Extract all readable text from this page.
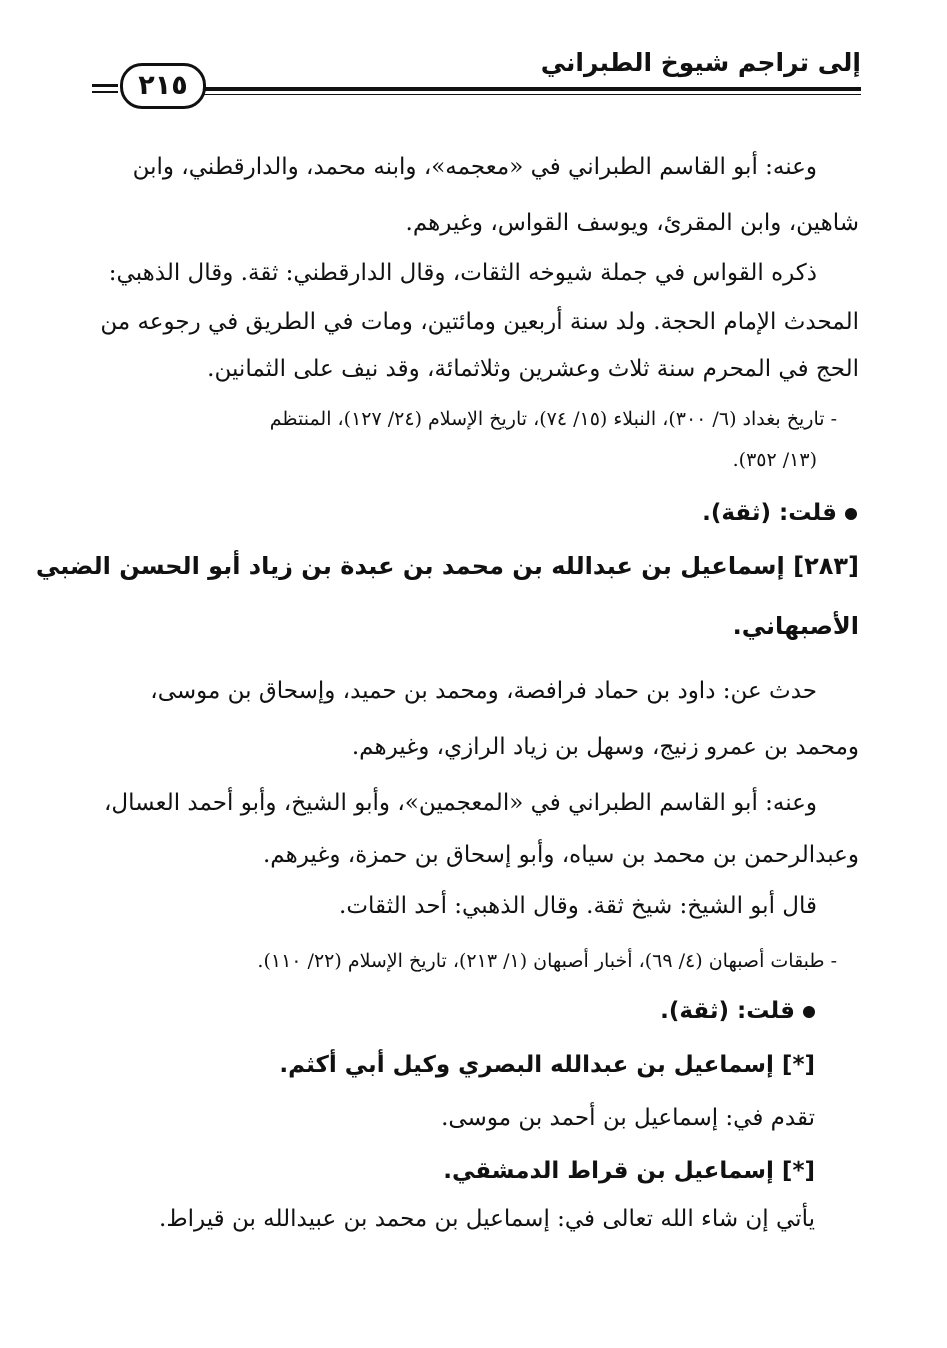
إلى تراجم شيوخ الطبراني
٢١٥
وعنه: أبو القاسم الطبراني في «معجمه»، وابنه محمد، والدارقطني، وابن
شاهين، وابن المقرئ، ويوسف القواس، وغيرهم.
ذكره القواس في جملة شيوخه الثقات، وقال الدارقطني: ثقة. وقال الذهبي:
المحدث الإمام الحجة. ولد سنة أربعين ومائتين، ومات في الطريق في رجوعه من
الحج في المحرم سنة ثلاث وعشرين وثلاثمائة، وقد نيف على الثمانين.
- تاريخ بغداد (٦/ ٣٠٠)، النبلاء (١٥/ ٧٤)، تاريخ الإسلام (٢٤/ ١٢٧)، المنتظم
(١٣/ ٣٥٢).
قلت: (ثقة).
[٢٨٣] إسماعيل بن عبدالله بن محمد بن عبدة بن زياد أبو الحسن الضبي
الأصبهاني.
حدث عن: داود بن حماد فرافصة، ومحمد بن حميد، وإسحاق بن موسى،
ومحمد بن عمرو زنيج، وسهل بن زياد الرازي، وغيرهم.
وعنه: أبو القاسم الطبراني في «المعجمين»، وأبو الشيخ، وأبو أحمد العسال،
وعبدالرحمن بن محمد بن سياه، وأبو إسحاق بن حمزة، وغيرهم.
قال أبو الشيخ: شيخ ثقة. وقال الذهبي: أحد الثقات.
- طبقات أصبهان (٤/ ٦٩)، أخبار أصبهان (١/ ٢١٣)، تاريخ الإسلام (٢٢/ ١١٠).
قلت: (ثقة).
[*] إسماعيل بن عبدالله البصري وكيل أبي أكثم.
تقدم في: إسماعيل بن أحمد بن موسى.
[*] إسماعيل بن قراط الدمشقي.
يأتي إن شاء الله تعالى في: إسماعيل بن محمد بن عبيدالله بن قيراط.
